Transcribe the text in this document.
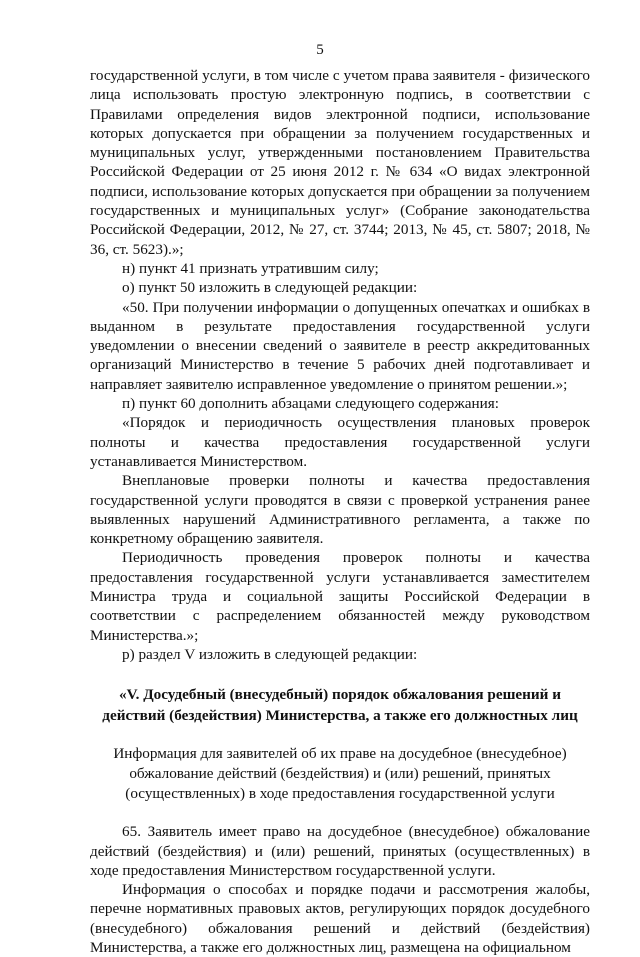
5

государственной услуги, в том числе с учетом права заявителя - физического лица использовать простую электронную подпись, в соответствии с Правилами определения видов электронной подписи, использование которых допускается при обращении за получением государственных и муниципальных услуг, утвержденными постановлением Правительства Российской Федерации от 25 июня 2012 г. № 634 «О видах электронной подписи, использование которых допускается при обращении за получением государственных и муниципальных услуг» (Собрание законодательства Российской Федерации, 2012, № 27, ст. 3744; 2013, № 45, ст. 5807; 2018, № 36, ст. 5623).»;

н) пункт 41 признать утратившим силу;

о) пункт 50 изложить в следующей редакции:

«50. При получении информации о допущенных опечатках и ошибках в выданном в результате предоставления государственной услуги уведомлении о внесении сведений о заявителе в реестр аккредитованных организаций Министерство в течение 5 рабочих дней подготавливает и направляет заявителю исправленное уведомление о принятом решении.»;

п) пункт 60 дополнить абзацами следующего содержания:

«Порядок и периодичность осуществления плановых проверок полноты и качества предоставления государственной услуги устанавливается Министерством.

Внеплановые проверки полноты и качества предоставления государственной услуги проводятся в связи с проверкой устранения ранее выявленных нарушений Административного регламента, а также по конкретному обращению заявителя.

Периодичность проведения проверок полноты и качества предоставления государственной услуги устанавливается заместителем Министра труда и социальной защиты Российской Федерации в соответствии с распределением обязанностей между руководством Министерства.»;

р) раздел V изложить в следующей редакции:

«V. Досудебный (внесудебный) порядок обжалования решений и действий (бездействия) Министерства, а также его должностных лиц

Информация для заявителей об их праве на досудебное (внесудебное) обжалование действий (бездействия) и (или) решений, принятых (осуществленных) в ходе предоставления государственной услуги

65. Заявитель имеет право на досудебное (внесудебное) обжалование действий (бездействия) и (или) решений, принятых (осуществленных) в ходе предоставления Министерством государственной услуги.

Информация о способах и порядке подачи и рассмотрения жалобы, перечне нормативных правовых актов, регулирующих порядок досудебного (внесудебного) обжалования решений и действий (бездействия) Министерства, а также его должностных лиц, размещена на официальном
